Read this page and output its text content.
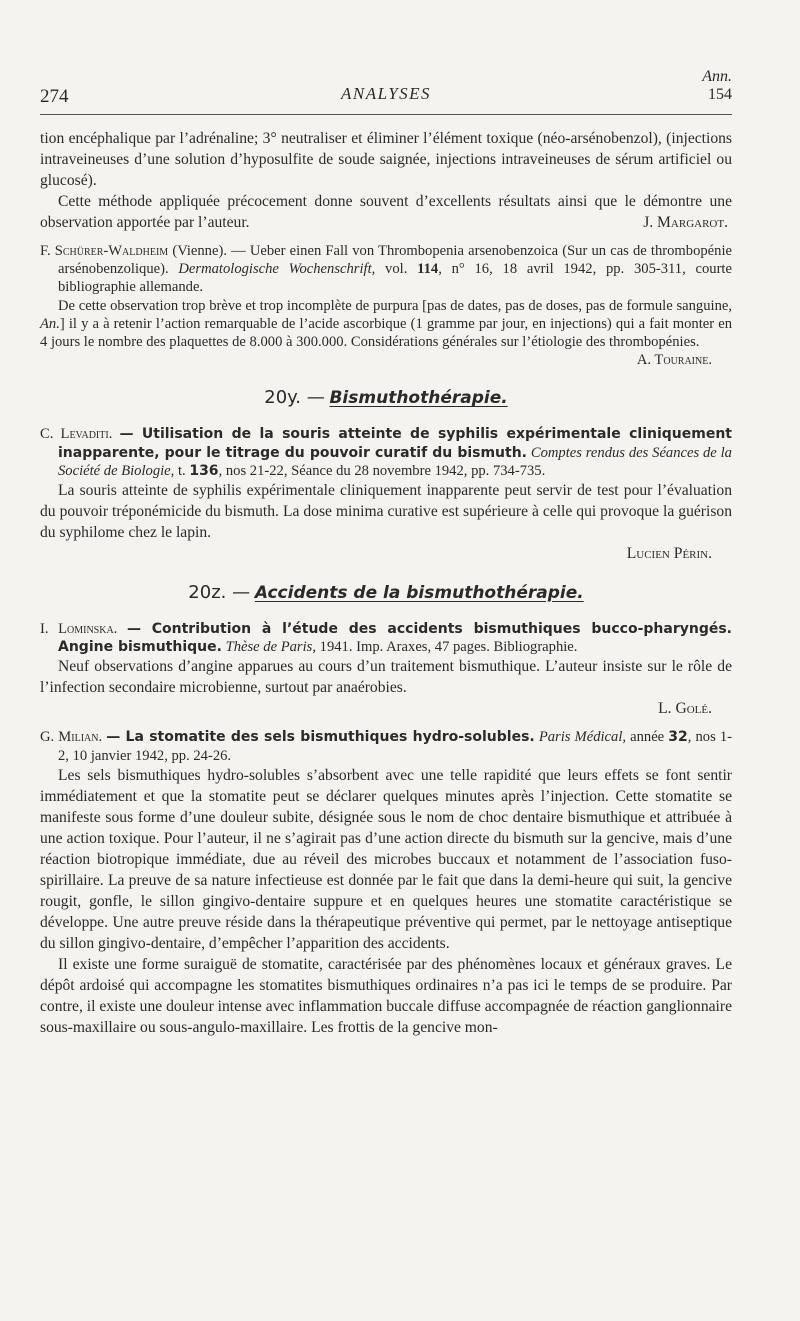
274	ANALYSES
Ann.
154

tion encéphalique par l’adrénaline; 3° neutraliser et éliminer l’élément toxique (néo-arsénobenzol), (injections intraveineuses d’une solution d’hyposulfite de soude saignée, injections intraveineuses de sérum artificiel ou glucosé).

Cette méthode appliquée précocement donne souvent d’excellents résultats ainsi que le démontre une observation apportée par l’auteur.	J. Margarot.

F. Schürer-Waldheim (Vienne). — Ueber einen Fall von Thrombopenia arsenobenzoica (Sur un cas de thrombopénie arsénobenzolique). Dermatologische Wochenschrift, vol. 114, n° 16, 18 avril 1942, pp. 305-311, courte bibliographie allemande.

De cette observation trop brève et trop incomplète de purpura [pas de dates, pas de doses, pas de formule sanguine, An.] il y a à retenir l’action remarquable de l’acide ascorbique (1 gramme par jour, en injections) qui a fait monter en 4 jours le nombre des plaquettes de 8.000 à 300.000. Considérations générales sur l’étiologie des thrombopénies.

A. Touraine.

20y. — Bismuthothérapie.

C. Levaditi. — Utilisation de la souris atteinte de syphilis expérimentale cliniquement inapparente, pour le titrage du pouvoir curatif du bismuth. Comptes rendus des Séances de la Société de Biologie, t. 136, nos 21-22, Séance du 28 novembre 1942, pp. 734-735.

La souris atteinte de syphilis expérimentale cliniquement inapparente peut servir de test pour l’évaluation du pouvoir tréponémicide du bismuth. La dose minima curative est supérieure à celle qui provoque la guérison du syphilome chez le lapin.

Lucien Périn.

20z. — Accidents de la bismuthothérapie.

I. Lominska. — Contribution à l’étude des accidents bismuthiques bucco-pharyngés. Angine bismuthique. Thèse de Paris, 1941. Imp. Araxes, 47 pages. Bibliographie.

Neuf observations d’angine apparues au cours d’un traitement bismuthique. L’auteur insiste sur le rôle de l’infection secondaire microbienne, surtout par anaérobies.

L. Golé.

G. Milian. — La stomatite des sels bismuthiques hydro-solubles. Paris Médical, année 32, nos 1-2, 10 janvier 1942, pp. 24-26.

Les sels bismuthiques hydro-solubles s’absorbent avec une telle rapidité que leurs effets se font sentir immédiatement et que la stomatite peut se déclarer quelques minutes après l’injection. Cette stomatite se manifeste sous forme d’une douleur subite, désignée sous le nom de choc dentaire bismuthique et attribuée à une action toxique. Pour l’auteur, il ne s’agirait pas d’une action directe du bismuth sur la gencive, mais d’une réaction biotropique immédiate, due au réveil des microbes buccaux et notamment de l’association fuso-spirillaire. La preuve de sa nature infectieuse est donnée par le fait que dans la demi-heure qui suit, la gencive rougit, gonfle, le sillon gingivo-dentaire suppure et en quelques heures une stomatite caractéristique se développe. Une autre preuve réside dans la thérapeutique préventive qui permet, par le nettoyage antiseptique du sillon gingivo-dentaire, d’empêcher l’apparition des accidents.

Il existe une forme suraiguë de stomatite, caractérisée par des phénomènes locaux et généraux graves. Le dépôt ardoisé qui accompagne les stomatites bismuthiques ordinaires n’a pas ici le temps de se produire. Par contre, il existe une douleur intense avec inflammation buccale diffuse accompagnée de réaction ganglionnaire sous-maxillaire ou sous-angulo-maxillaire. Les frottis de la gencive mon-
